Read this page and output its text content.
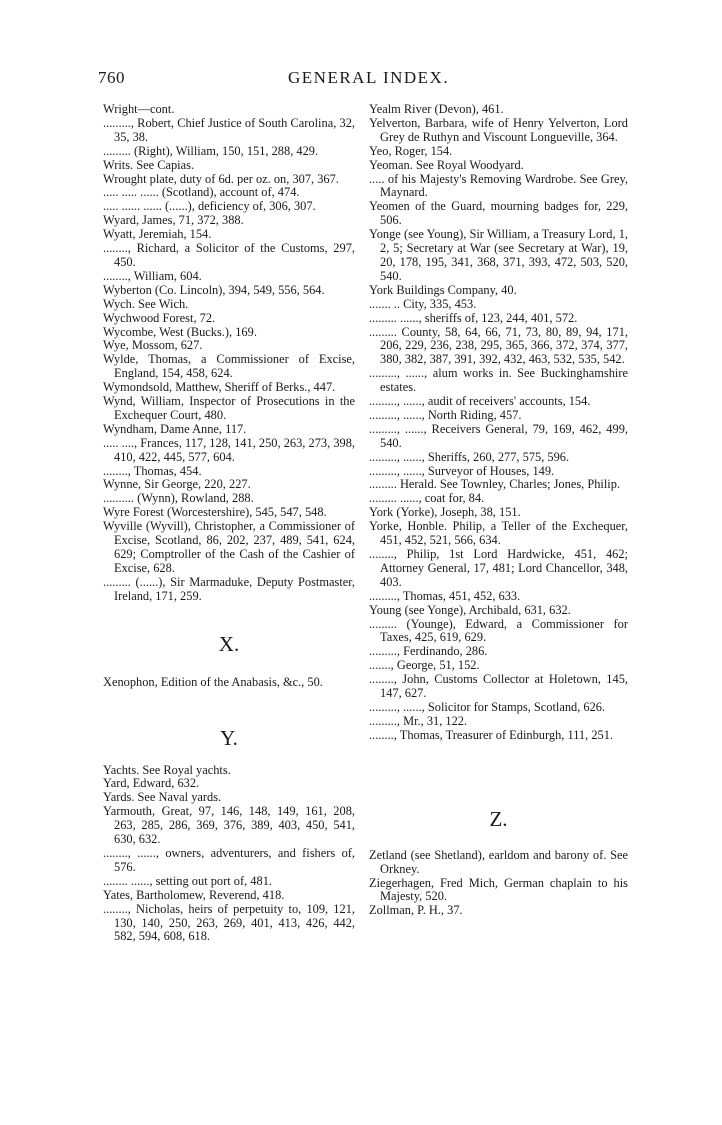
760	GENERAL INDEX.
Wright—cont.
........., Robert, Chief Justice of South Carolina, 32, 35, 38.
......... (Right), William, 150, 151, 288, 429.
Writs. See Capias.
Wrought plate, duty of 6d. per oz. on, 307, 367.
..... ..... ...... (Scotland), account of, 474.
..... ...... ...... (......), deficiency of, 306, 307.
Wyard, James, 71, 372, 388.
Wyatt, Jeremiah, 154.
........, Richard, a Solicitor of the Customs, 297, 450.
........, William, 604.
Wyberton (Co. Lincoln), 394, 549, 556, 564.
Wych. See Wich.
Wychwood Forest, 72.
Wycombe, West (Bucks.), 169.
Wye, Mossom, 627.
Wylde, Thomas, a Commissioner of Excise, England, 154, 458, 624.
Wymondsold, Matthew, Sheriff of Berks., 447.
Wynd, William, Inspector of Prosecutions in the Exchequer Court, 480.
Wyndham, Dame Anne, 117.
..... ...., Frances, 117, 128, 141, 250, 263, 273, 398, 410, 422, 445, 577, 604.
........, Thomas, 454.
Wynne, Sir George, 220, 227.
.......... (Wynn), Rowland, 288.
Wyre Forest (Worcestershire), 545, 547, 548.
Wyville (Wyvill), Christopher, a Commissioner of Excise, Scotland, 86, 202, 237, 489, 541, 624, 629; Comptroller of the Cash of the Cashier of Excise, 628.
......... (......), Sir Marmaduke, Deputy Postmaster, Ireland, 171, 259.
X.
Xenophon, Edition of the Anabasis, &c., 50.
Y.
Yachts. See Royal yachts.
Yard, Edward, 632.
Yards. See Naval yards.
Yarmouth, Great, 97, 146, 148, 149, 161, 208, 263, 285, 286, 369, 376, 389, 403, 450, 541, 630, 632.
........, ......, owners, adventurers, and fishers of, 576.
........ ......, setting out port of, 481.
Yates, Bartholomew, Reverend, 418.
........, Nicholas, heirs of perpetuity to, 109, 121, 130, 140, 250, 263, 269, 401, 413, 426, 442, 582, 594, 608, 618.
Yealm River (Devon), 461.
Yelverton, Barbara, wife of Henry Yelverton, Lord Grey de Ruthyn and Viscount Longueville, 364.
Yeo, Roger, 154.
Yeoman. See Royal Woodyard.
..... of his Majesty's Removing Wardrobe. See Grey, Maynard.
Yeomen of the Guard, mourning badges for, 229, 506.
Yonge (see Young), Sir William, a Treasury Lord, 1, 2, 5; Secretary at War (see Secretary at War), 19, 20, 178, 195, 341, 368, 371, 393, 472, 503, 520, 540.
York Buildings Company, 40.
....... .. City, 335, 453.
......... ......, sheriffs of, 123, 244, 401, 572.
......... County, 58, 64, 66, 71, 73, 80, 89, 94, 171, 206, 229, 236, 238, 295, 365, 366, 372, 374, 377, 380, 382, 387, 391, 392, 432, 463, 532, 535, 542.
........., ......, alum works in. See Buckinghamshire estates.
........., ......, audit of receivers' accounts, 154.
........., ......, North Riding, 457.
........., ......, Receivers General, 79, 169, 462, 499, 540.
........., ......, Sheriffs, 260, 277, 575, 596.
........., ......, Surveyor of Houses, 149.
......... Herald. See Townley, Charles; Jones, Philip.
......... ......, coat for, 84.
York (Yorke), Joseph, 38, 151.
Yorke, Honble. Philip, a Teller of the Exchequer, 451, 452, 521, 566, 634.
........, Philip, 1st Lord Hardwicke, 451, 462; Attorney General, 17, 481; Lord Chancellor, 348, 403.
........., Thomas, 451, 452, 633.
Young (see Yonge), Archibald, 631, 632.
......... (Younge), Edward, a Commissioner for Taxes, 425, 619, 629.
........., Ferdinando, 286.
......., George, 51, 152.
........, John, Customs Collector at Holetown, 145, 147, 627.
........., ......, Solicitor for Stamps, Scotland, 626.
........., Mr., 31, 122.
........, Thomas, Treasurer of Edinburgh, 111, 251.
Z.
Zetland (see Shetland), earldom and barony of. See Orkney.
Ziegerhagen, Fred Mich, German chaplain to his Majesty, 520.
Zollman, P. H., 37.
